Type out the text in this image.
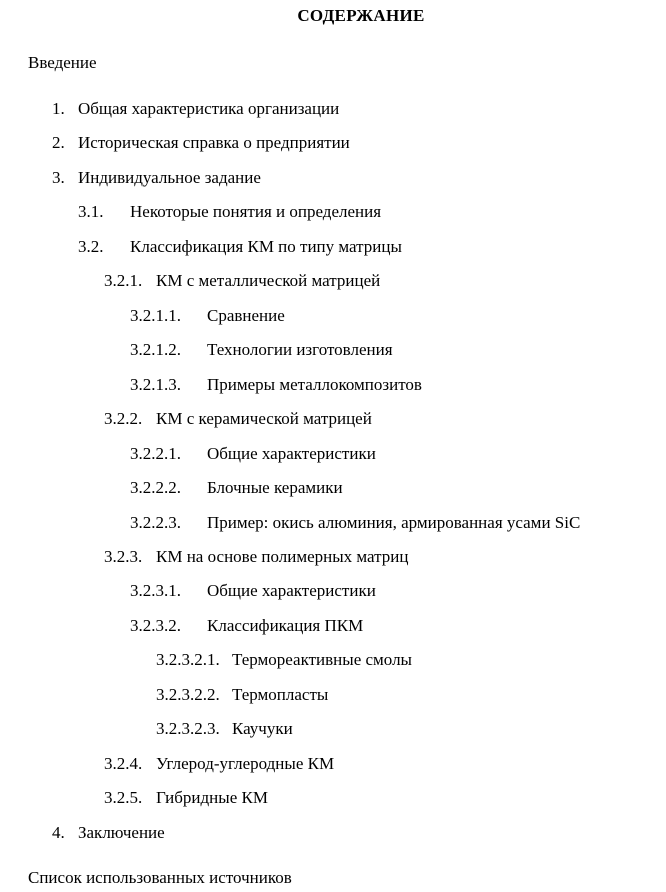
СОДЕРЖАНИЕ
Введение
1. Общая характеристика организации
2. Историческая справка о предприятии
3. Индивидуальное задание
3.1. Некоторые понятия и определения
3.2. Классификация КМ по типу матрицы
3.2.1. КМ с металлической матрицей
3.2.1.1. Сравнение
3.2.1.2. Технологии изготовления
3.2.1.3. Примеры металлокомпозитов
3.2.2. КМ с керамической матрицей
3.2.2.1. Общие характеристики
3.2.2.2. Блочные керамики
3.2.2.3. Пример: окись алюминия, армированная усами SiC
3.2.3. КМ на основе полимерных матриц
3.2.3.1. Общие характеристики
3.2.3.2. Классификация ПКМ
3.2.3.2.1. Термореактивные смолы
3.2.3.2.2. Термопласты
3.2.3.2.3. Каучуки
3.2.4. Углерод-углеродные КМ
3.2.5. Гибридные КМ
4. Заключение
Список использованных источников
